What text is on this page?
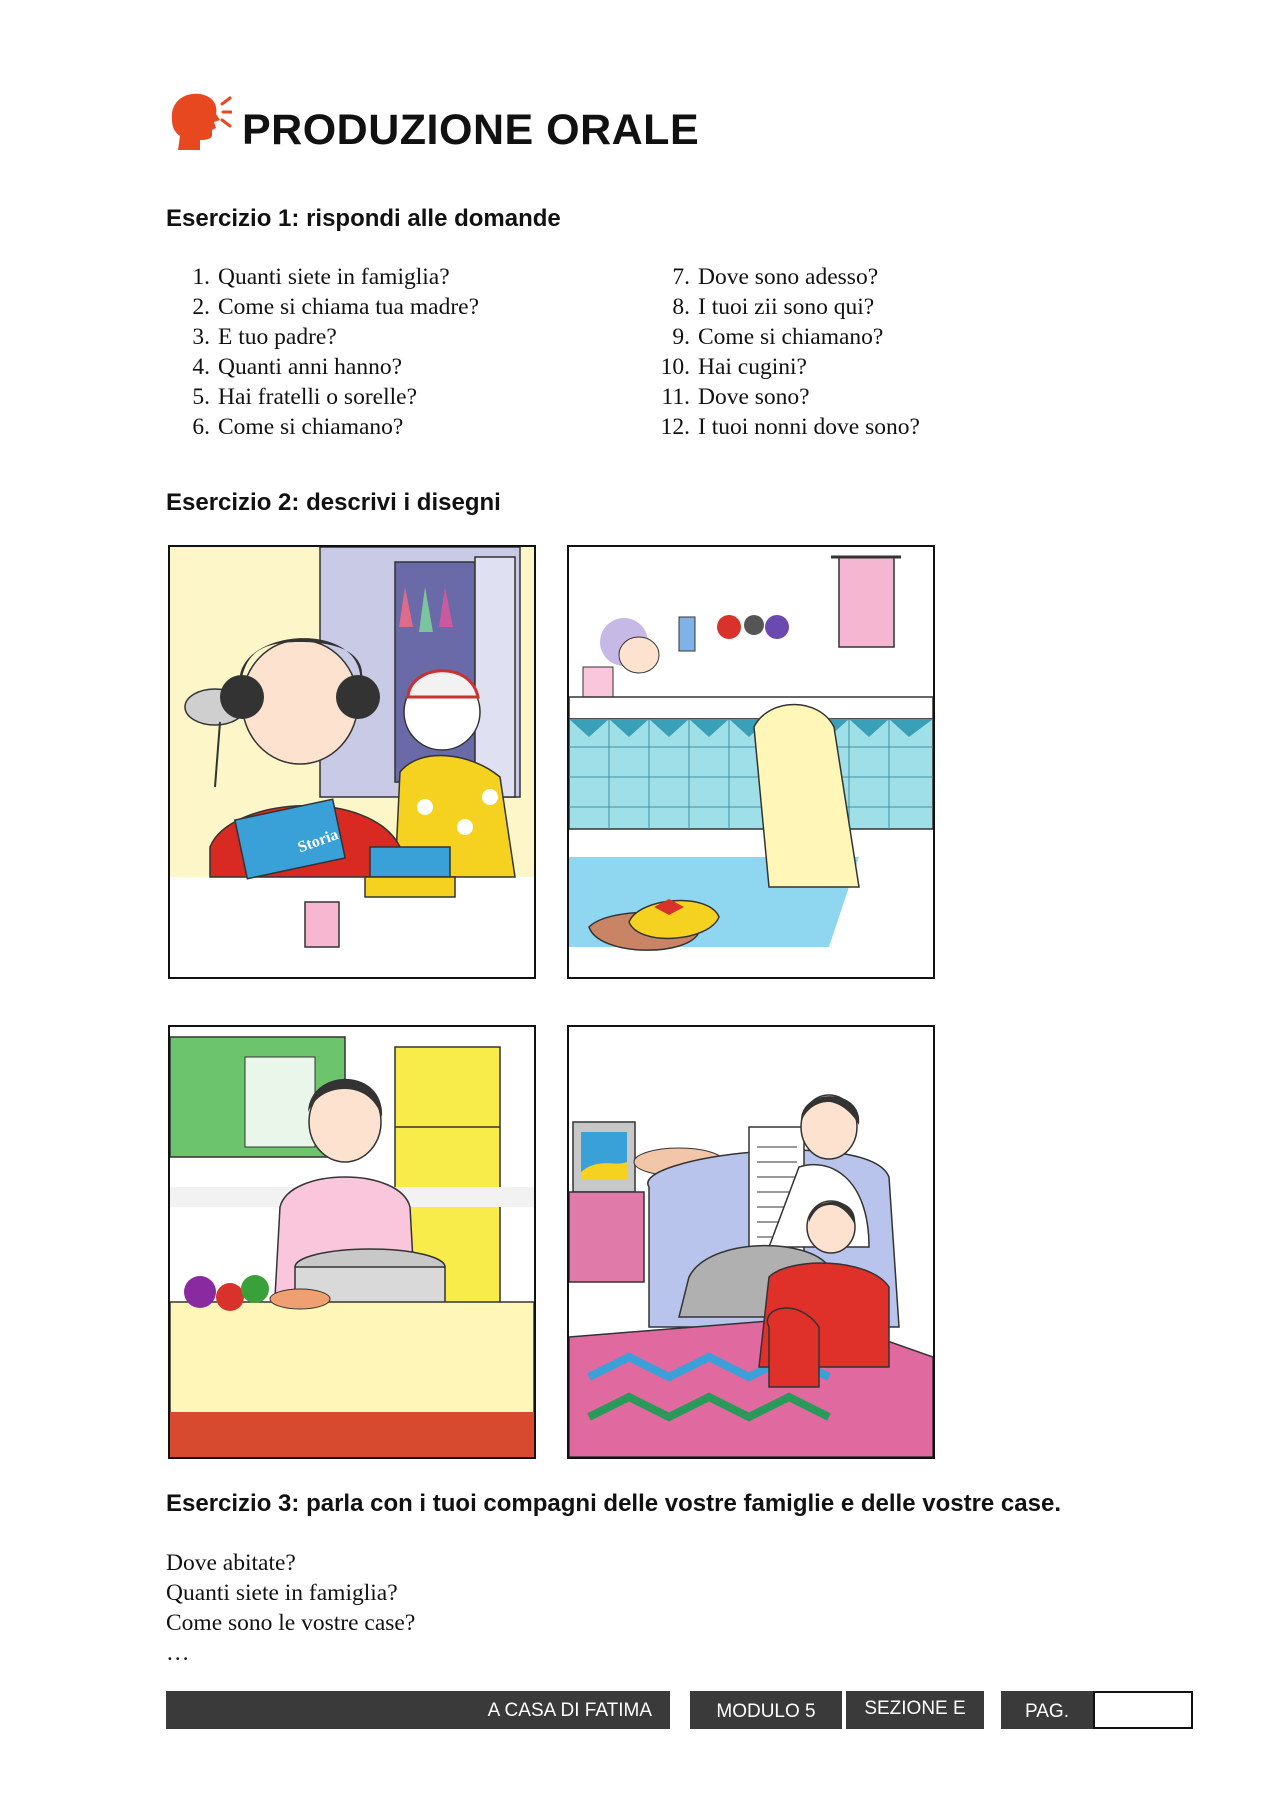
PRODUZIONE ORALE
Esercizio 1: rispondi alle domande
1. Quanti siete in famiglia?
2. Come si chiama tua madre?
3. E tuo padre?
4. Quanti anni hanno?
5. Hai fratelli o sorelle?
6. Come si chiamano?
7. Dove sono adesso?
8. I tuoi zii sono qui?
9. Come si chiamano?
10. Hai cugini?
11. Dove sono?
12. I tuoi nonni dove sono?
Esercizio 2: descrivi i disegni
Storia
Esercizio 3: parla con i tuoi compagni delle vostre famiglie e delle vostre case.
Dove abitate?
Quanti siete in famiglia?
Come sono le vostre case?
…
A CASA DI FATIMA	MODULO 5	SEZIONE E	PAG.
